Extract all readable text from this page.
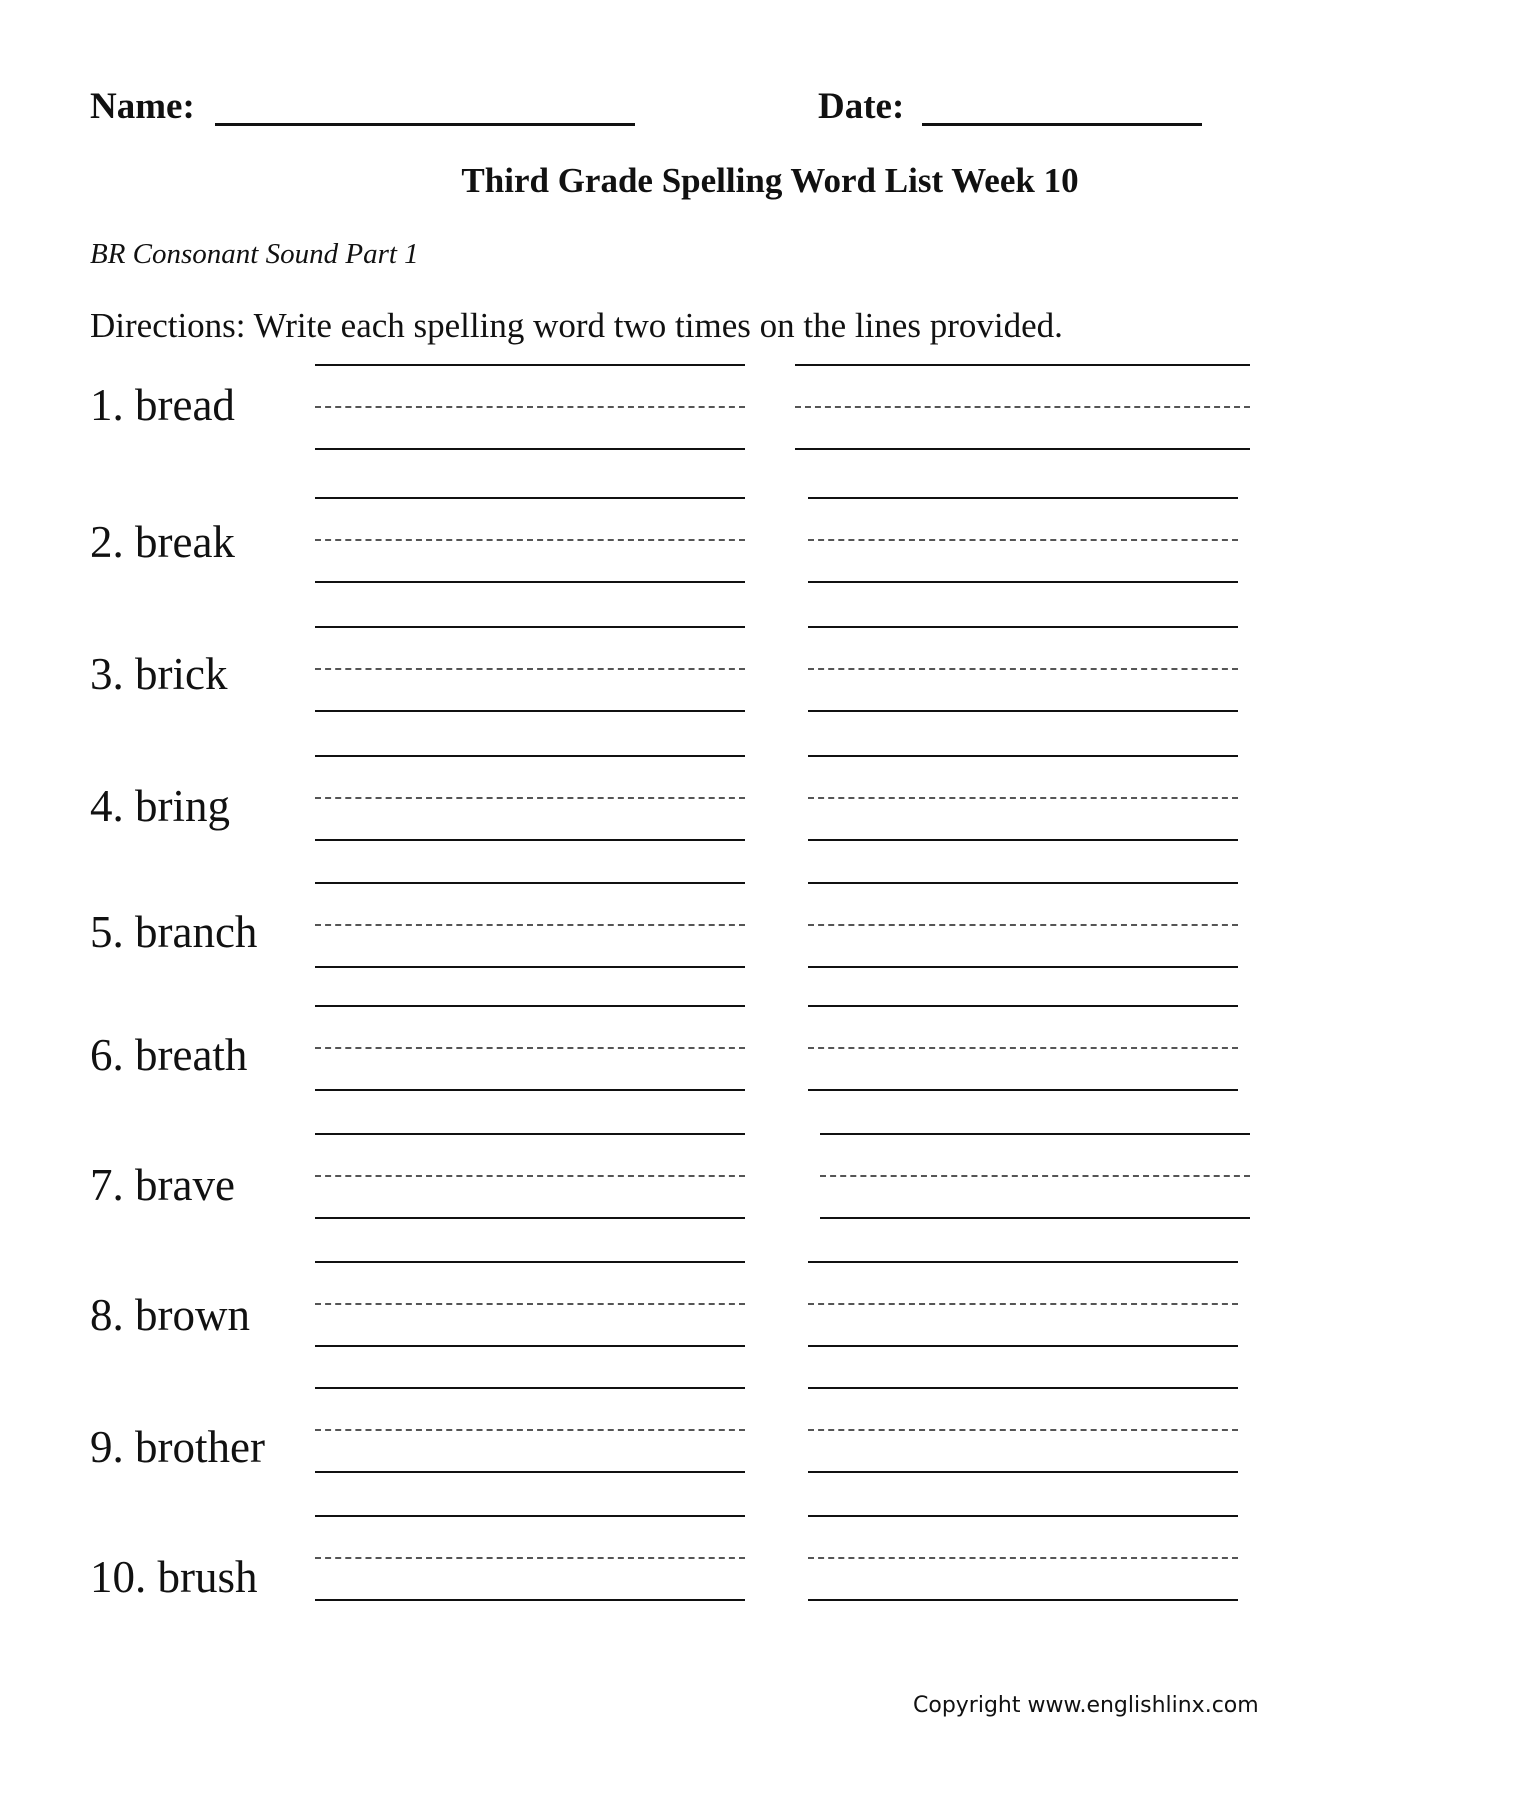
Name:	Date:
Third Grade Spelling Word List Week 10
BR Consonant Sound Part 1
Directions: Write each spelling word two times on the lines provided.
1. bread
2. break
3. brick
4. bring
5. branch
6. breath
7. brave
8. brown
9. brother
10. brush
Copyright www.englishlinx.com
